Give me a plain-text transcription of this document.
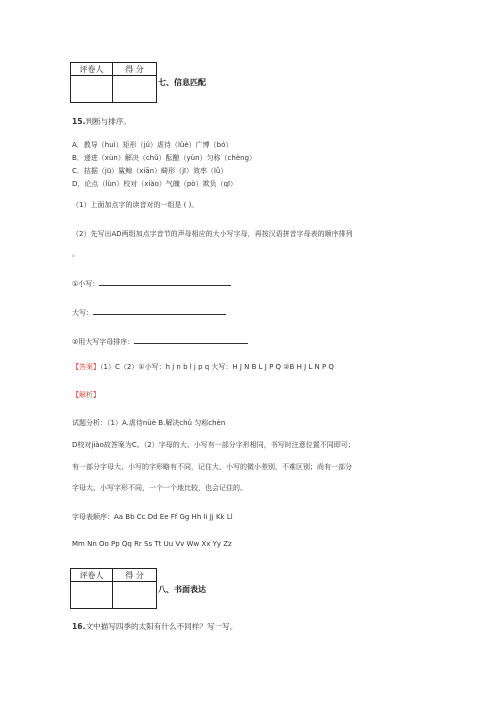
评卷人	得 分

七、信息匹配
15.判断与排序。
A．教导（huì）矩形（jǔ）虐待（lüè）广博（bó）
B．递进（xùn）解决（chǔ）酝酿（yùn）匀称（chèng）
C．拮据（jū）鲨鲸（xiān）畸形（jī）效率（lǜ）
D．论点（lùn）校对（xiào）气魄（pò）欺负（qī）
（1）上面加点字的读音对的一组是 ( )。
（2）先写出AD两组加点字音节的声母相应的大小写字母，再按汉语拼音字母表的顺序排列
。
①小写：
大写：
②用大写字母排序：
【答案】（1）C（2）①小写：h j n b l j p q 大写：H J N B L J P Q ②B H J L N P Q
【解析】
试题分析：（1）A.虐待nüè B.解决chǔ 匀称chèn
D校对jiào故答案为C。（2）字母的大、小写有一部分字形相同，书写时注意位置不同即可；
有一部分字母大、小写的字形略有不同，记住大、小写的微小差别，不难区别；尚有一部分
字母大、小写字形不同，一个一个地比较，也会记住的。
字母表顺序：Aa Bb Cc Dd Ee Ff Gg Hh Ii Jj Kk Ll
Mm Nn Oo Pp Qq Rr Ss Tt Uu Vv Ww Xx Yy Zz
评卷人	得 分

八、书面表达
16.文中描写四季的太阳有什么不同样？写一写。
